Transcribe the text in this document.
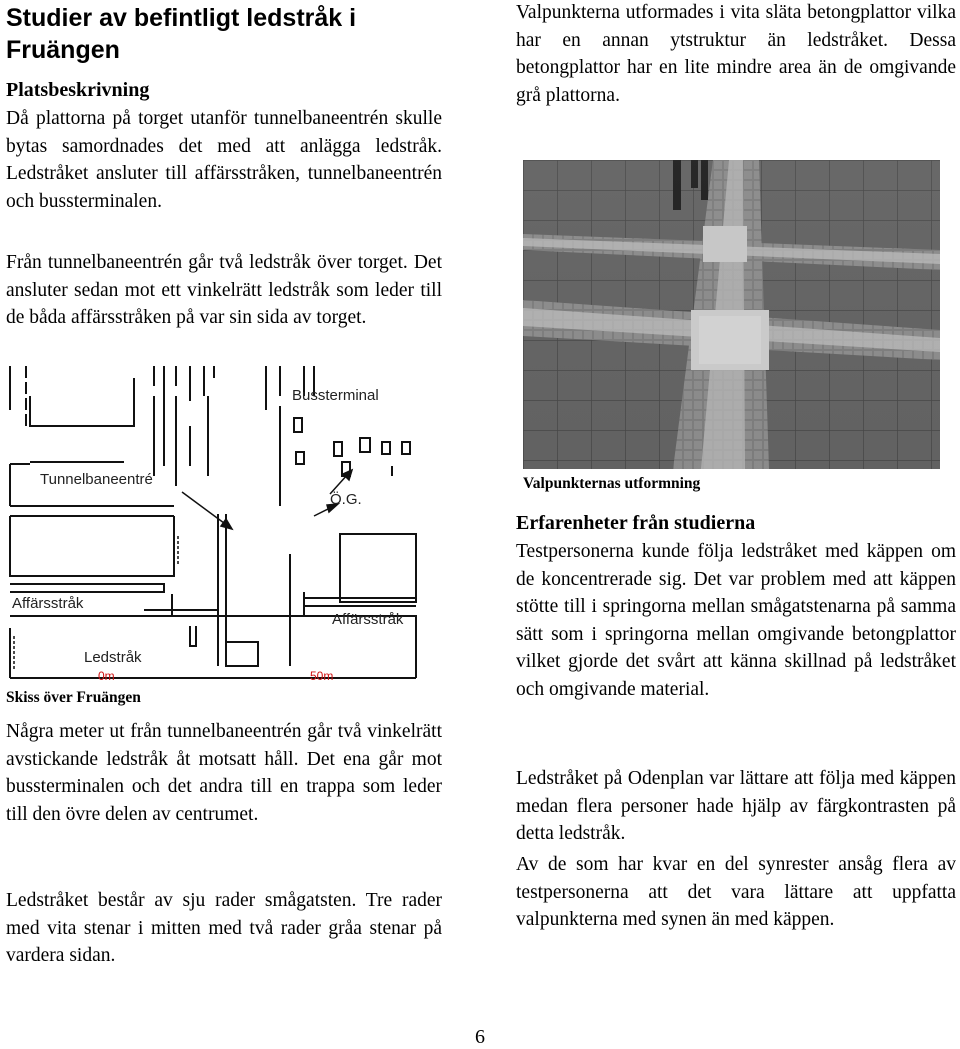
Studier av befintligt ledstråk i Fruängen
Platsbeskrivning
Då plattorna på torget utanför tunnelbaneentrén skulle bytas samordnades det med att anlägga ledstråk. Ledstråket ansluter till affärsstråken, tunnelbaneentrén och bussterminalen.
Från tunnelbaneentrén går två ledstråk över torget. Det ansluter sedan mot ett vinkelrätt ledstråk som leder till de båda affärsstråken på var sin sida av torget.
Bussterminal
Tunnelbaneentré
Ö.G.
Affärsstråk
Affärsstråk
Ledstråk
0m	50m
Skiss över Fruängen
Några meter ut från tunnelbaneentrén går två vinkelrätt avstickande ledstråk åt motsatt håll. Det ena går mot bussterminalen och det andra till en trappa som leder till den övre delen av centrumet.
Ledstråket består av sju rader smågatsten. Tre rader med vita stenar i mitten med två rader gråa stenar på vardera sidan.
Valpunkterna utformades i vita släta betongplattor vilka har en annan ytstruktur än ledstråket. Dessa betongplattor har en lite mindre area än de omgivande grå plattorna.
Valpunkternas utformning
Erfarenheter från studierna
Testpersonerna kunde följa ledstråket med käppen om de koncentrerade sig. Det var problem med att käppen stötte till i springorna mellan smågatstenarna på samma sätt som i springorna mellan omgivande betongplattor vilket gjorde det svårt att känna skillnad på ledstråket och omgivande material.
Ledstråket på Odenplan var lättare att följa med käppen medan flera personer hade hjälp av färgkontrasten på detta ledstråk.
Av de som har kvar en del synrester ansåg flera av testpersonerna att det vara lättare att uppfatta valpunkterna med synen än med käppen.
6
